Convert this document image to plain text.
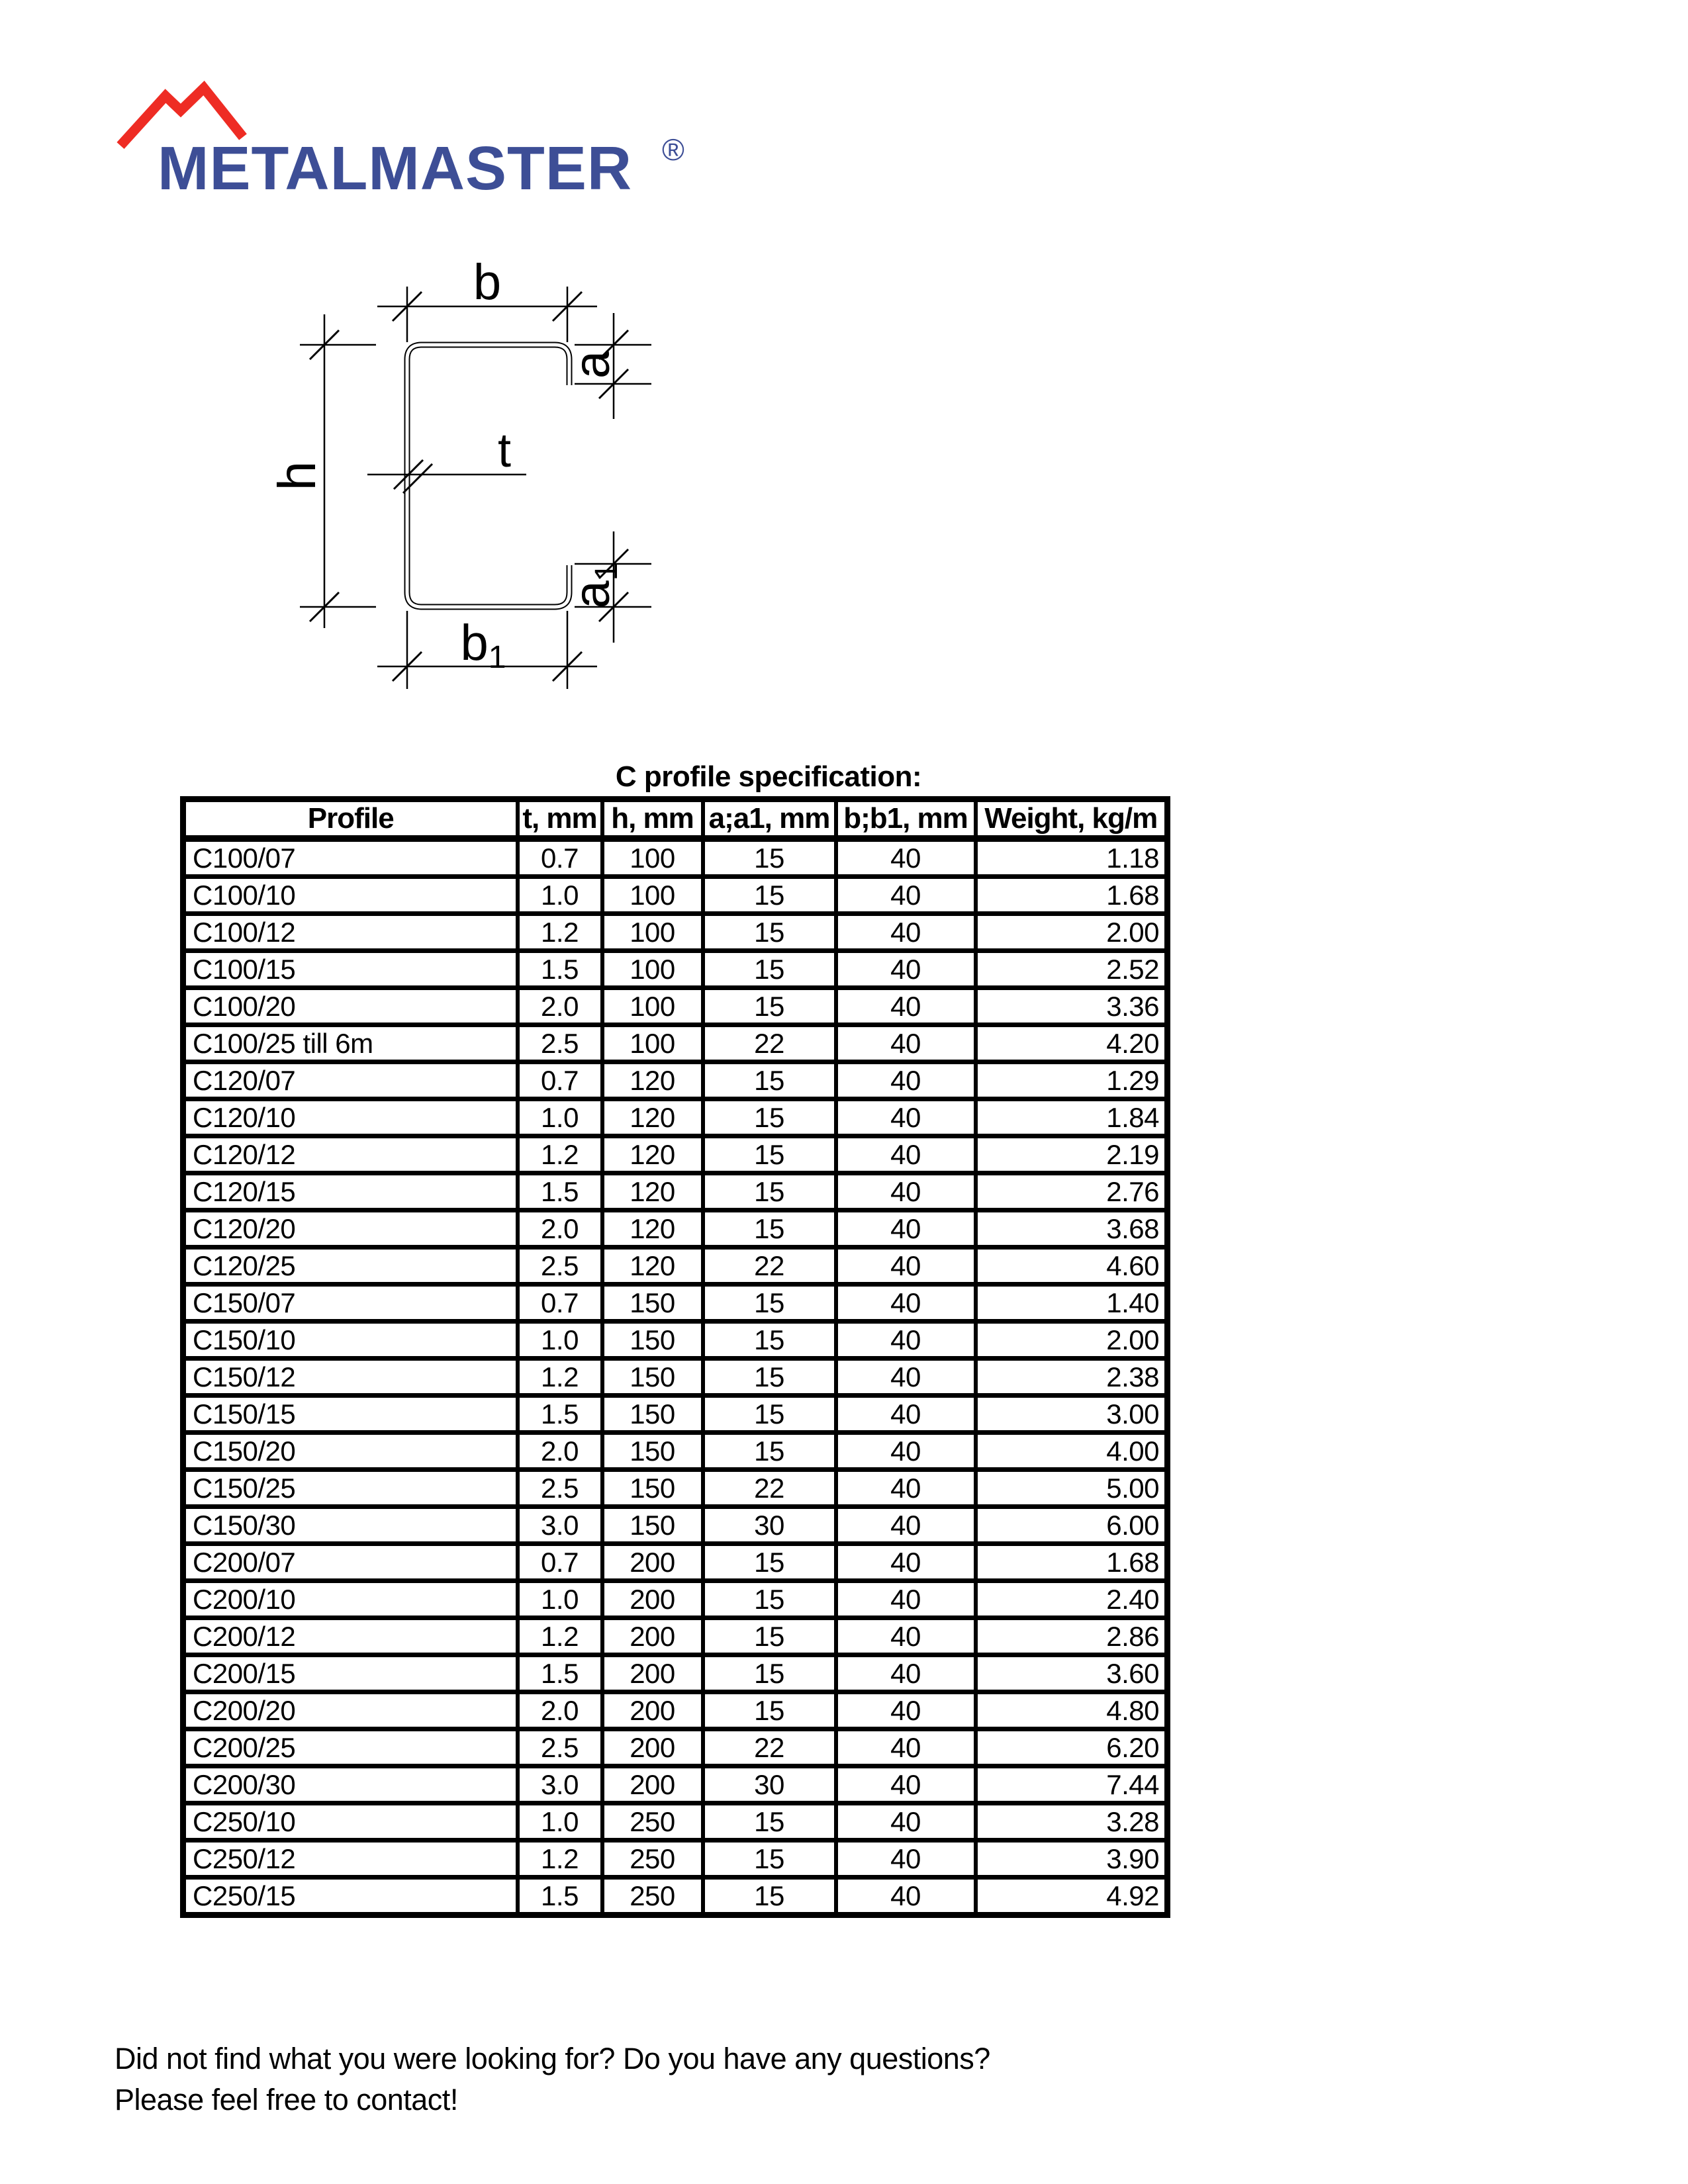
METALMASTER ®
b
a
t
h
a1
b1
C profile specification:
Profile	t, mm	h, mm	a;a1, mm	b;b1, mm	Weight, kg/m
C100/07	0.7	100	15	40	1.18
C100/10	1.0	100	15	40	1.68
C100/12	1.2	100	15	40	2.00
C100/15	1.5	100	15	40	2.52
C100/20	2.0	100	15	40	3.36
C100/25 till 6m	2.5	100	22	40	4.20
C120/07	0.7	120	15	40	1.29
C120/10	1.0	120	15	40	1.84
C120/12	1.2	120	15	40	2.19
C120/15	1.5	120	15	40	2.76
C120/20	2.0	120	15	40	3.68
C120/25	2.5	120	22	40	4.60
C150/07	0.7	150	15	40	1.40
C150/10	1.0	150	15	40	2.00
C150/12	1.2	150	15	40	2.38
C150/15	1.5	150	15	40	3.00
C150/20	2.0	150	15	40	4.00
C150/25	2.5	150	22	40	5.00
C150/30	3.0	150	30	40	6.00
C200/07	0.7	200	15	40	1.68
C200/10	1.0	200	15	40	2.40
C200/12	1.2	200	15	40	2.86
C200/15	1.5	200	15	40	3.60
C200/20	2.0	200	15	40	4.80
C200/25	2.5	200	22	40	6.20
C200/30	3.0	200	30	40	7.44
C250/10	1.0	250	15	40	3.28
C250/12	1.2	250	15	40	3.90
C250/15	1.5	250	15	40	4.92
Did not find what you were looking for? Do you have any questions?
Please feel free to contact!
